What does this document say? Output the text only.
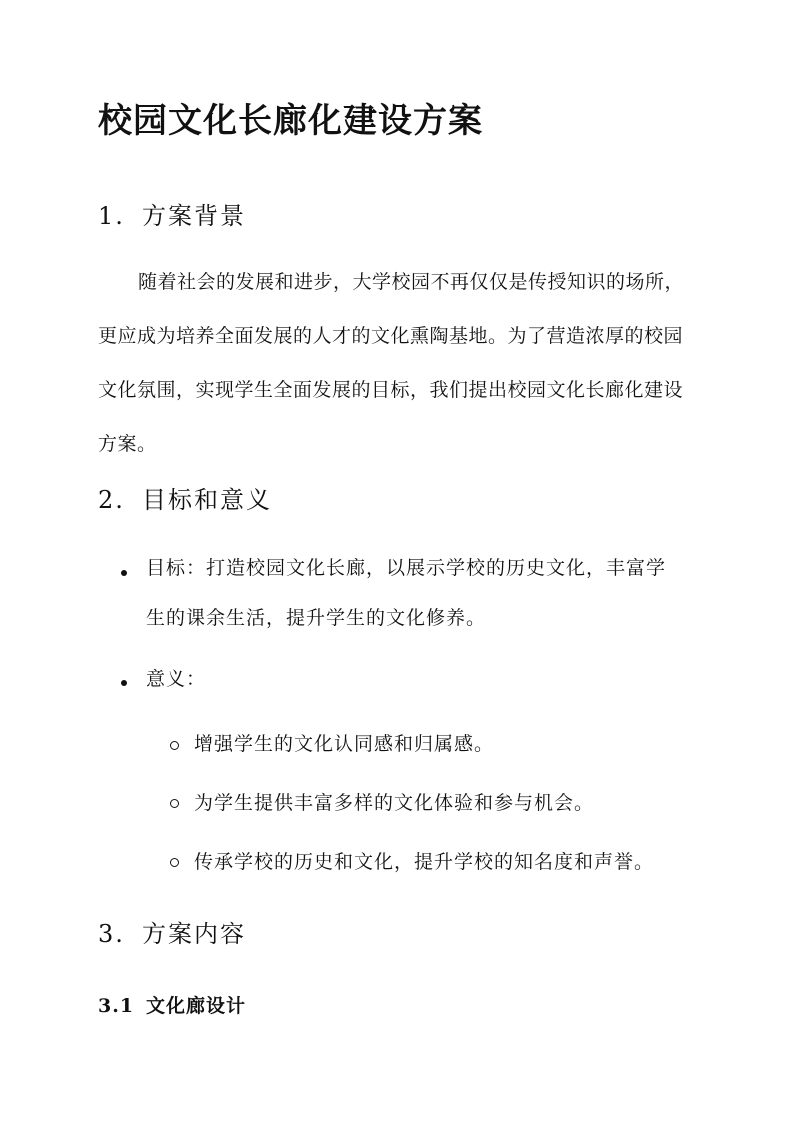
校园文化长廊化建设方案
1. 方案背景

随着社会的发展和进步，大学校园不再仅仅是传授知识的场所，更应成为培养全面发展的人才的文化熏陶基地。为了营造浓厚的校园文化氛围，实现学生全面发展的目标，我们提出校园文化长廊化建设方案。

2. 目标和意义

目标：打造校园文化长廊，以展示学校的历史文化，丰富学

生的课余生活，提升学生的文化修养。

意义：

增强学生的文化认同感和归属感。

为学生提供丰富多样的文化体验和参与机会。

传承学校的历史和文化，提升学校的知名度和声誉。

3. 方案内容
3.1 文化廊设计
